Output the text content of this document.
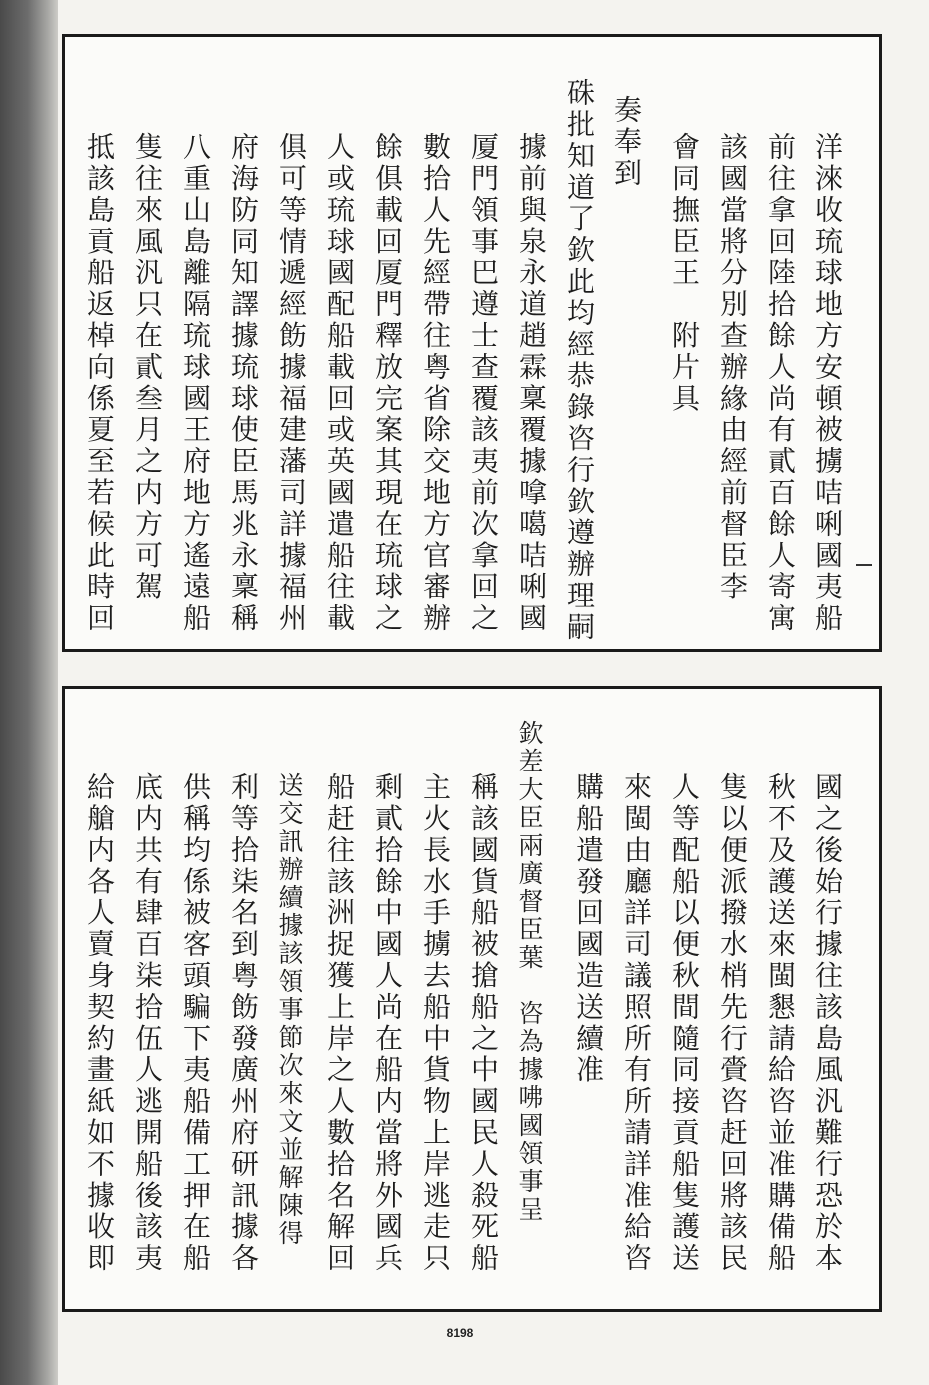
洋淶收琉球地方安頓被擄咭唎國夷船

前往拿回陸拾餘人尚有貳百餘人寄寓

該國當將分別查辦緣由經前督臣李

會同撫臣王　附片具

奏奉到

硃批知道了欽此均經恭錄咨行欽遵辦理嗣

據前與泉永道趙霖稟覆據嗱噶咭唎國

厦門領事巴遵士查覆該夷前次拿回之

數拾人先經帶往粤省除交地方官審辦

餘俱載回厦門釋放完案其現在琉球之

人或琉球國配船載回或英國遣船往載

俱可等情遞經飭據福建藩司詳據福州

府海防同知譯據琉球使臣馬兆永稟稱

八重山島離隔琉球國王府地方遙遠船

隻往來風汎只在貳叁月之内方可駕

抵該島貢船返棹向係夏至若候此時回

國之後始行據往該島風汎難行恐於本

秋不及護送來閩懇請給咨並准購備船

隻以便派撥水梢先行賫咨赶回將該民

人等配船以便秋間隨同接貢船隻護送

來閩由廳詳司議照所有所請詳准給咨

購船遣發回國造送續准

欽差大臣兩廣督臣葉　咨為據咈國領事呈

稱該國貨船被搶船之中國民人殺死船

主火長水手擄去船中貨物上岸逃走只

剩貳拾餘中國人尚在船内當將外國兵

船赶往該洲捉獲上岸之人數拾名解回

送交訊辦續據該領事節次來文並解陳得

利等拾柒名到粤飭發廣州府研訊據各

供稱均係被客頭騙下夷船備工押在船

底内共有肆百柒拾伍人逃開船後該夷

給艙内各人賣身契約畫紙如不據收即

8198
